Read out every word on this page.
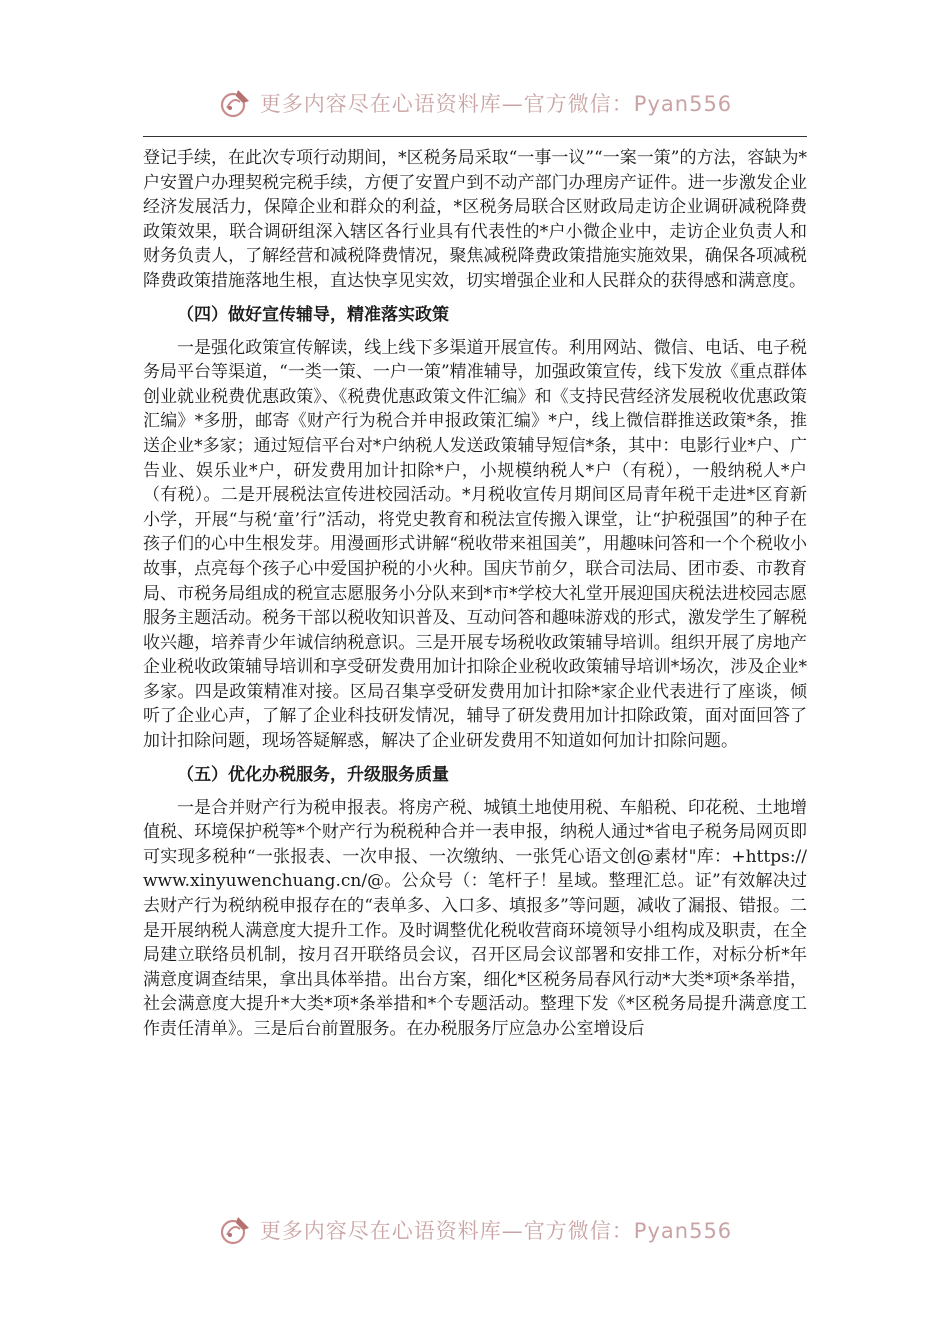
更多内容尽在心语资料库—官方微信：Pyan556

登记手续，在此次专项行动期间，*区税务局采取“一事一议”“一案一策”的方法，容缺为*户安置户办理契税完税手续，方便了安置户到不动产部门办理房产证件。进一步激发企业经济发展活力，保障企业和群众的利益，*区税务局联合区财政局走访企业调研减税降费政策效果，联合调研组深入辖区各行业具有代表性的*户小微企业中，走访企业负责人和财务负责人，了解经营和减税降费情况，聚焦减税降费政策措施实施效果，确保各项减税降费政策措施落地生根，直达快享见实效，切实增强企业和人民群众的获得感和满意度。

（四）做好宣传辅导，精准落实政策

一是强化政策宣传解读，线上线下多渠道开展宣传。利用网站、微信、电话、电子税务局平台等渠道，“一类一策、一户一策”精准辅导，加强政策宣传，线下发放《重点群体创业就业税费优惠政策》、《税费优惠政策文件汇编》和《支持民营经济发展税收优惠政策汇编》*多册，邮寄《财产行为税合并申报政策汇编》*户，线上微信群推送政策*条，推送企业*多家；通过短信平台对*户纳税人发送政策辅导短信*条，其中：电影行业*户、广告业、娱乐业*户，研发费用加计扣除*户，小规模纳税人*户（有税），一般纳税人*户（有税）。二是开展税法宣传进校园活动。*月税收宣传月期间区局青年税干走进*区育新小学，开展“与税‘童’行”活动，将党史教育和税法宣传搬入课堂，让“护税强国”的种子在孩子们的心中生根发芽。用漫画形式讲解“税收带来祖国美”，用趣味问答和一个个税收小故事，点亮每个孩子心中爱国护税的小火种。国庆节前夕，联合司法局、团市委、市教育局、市税务局组成的税宣志愿服务小分队来到*市*学校大礼堂开展迎国庆税法进校园志愿服务主题活动。税务干部以税收知识普及、互动问答和趣味游戏的形式，激发学生了解税收兴趣，培养青少年诚信纳税意识。三是开展专场税收政策辅导培训。组织开展了房地产企业税收政策辅导培训和享受研发费用加计扣除企业税收政策辅导培训*场次，涉及企业*多家。四是政策精准对接。区局召集享受研发费用加计扣除*家企业代表进行了座谈，倾听了企业心声，了解了企业科技研发情况，辅导了研发费用加计扣除政策，面对面回答了加计扣除问题，现场答疑解惑，解决了企业研发费用不知道如何加计扣除问题。

（五）优化办税服务，升级服务质量

一是合并财产行为税申报表。将房产税、城镇土地使用税、车船税、印花税、土地增值税、环境保护税等*个财产行为税税种合并一表申报，纳税人通过*省电子税务局网页即可实现多税种“一张报表、一次申报、一次缴纳、一张凭心语文创@素材"库：+https://www.xinyuwenchuang.cn/@。公众号（：笔杆子！星域。整理汇总。证”有效解决过去财产行为税纳税申报存在的“表单多、入口多、填报多”等问题，减收了漏报、错报。二是开展纳税人满意度大提升工作。及时调整优化税收营商环境领导小组构成及职责，在全局建立联络员机制，按月召开联络员会议，召开区局会议部署和安排工作，对标分析*年满意度调查结果，拿出具体举措。出台方案，细化*区税务局春风行动*大类*项*条举措，社会满意度大提升*大类*项*条举措和*个专题活动。整理下发《*区税务局提升满意度工作责任清单》。三是后台前置服务。在办税服务厅应急办公室增设后

更多内容尽在心语资料库—官方微信：Pyan556
